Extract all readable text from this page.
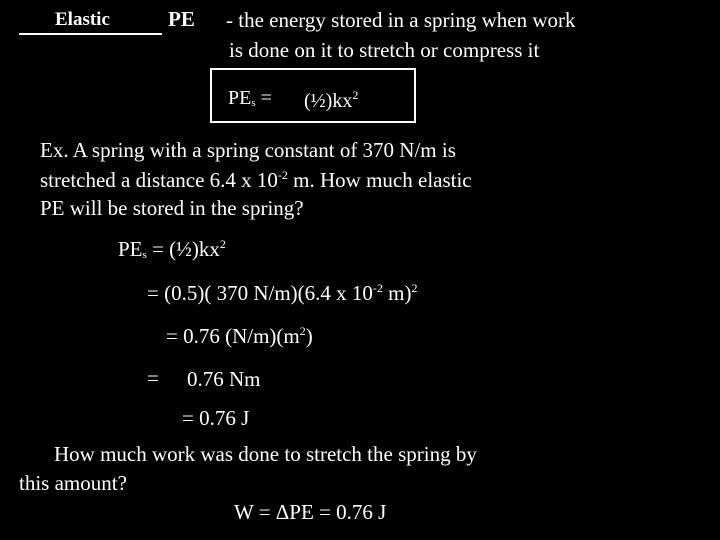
Elastic	PE - the energy stored in a spring when work
is done on it to stretch or compress it
$PE_s$ = $(\frac{1}{2})kx^2$
Ex. A spring with a spring constant of 370 N/m is
stretched a distance 6.4 x $10^{-2}$ m. How much elastic
PE will be stored in the spring?
$PE_s$ = $(\frac{1}{2})kx^2$
= (0.5)( 370 N/m)(6.4 x $10^{-2}$ m)$^2$
= 0.76 $(N/m)(m^2)$
= 0.76 Nm
= 0.76 J
How much work was done to stretch the spring by
this amount?
W = ΔPE = 0.76 J
